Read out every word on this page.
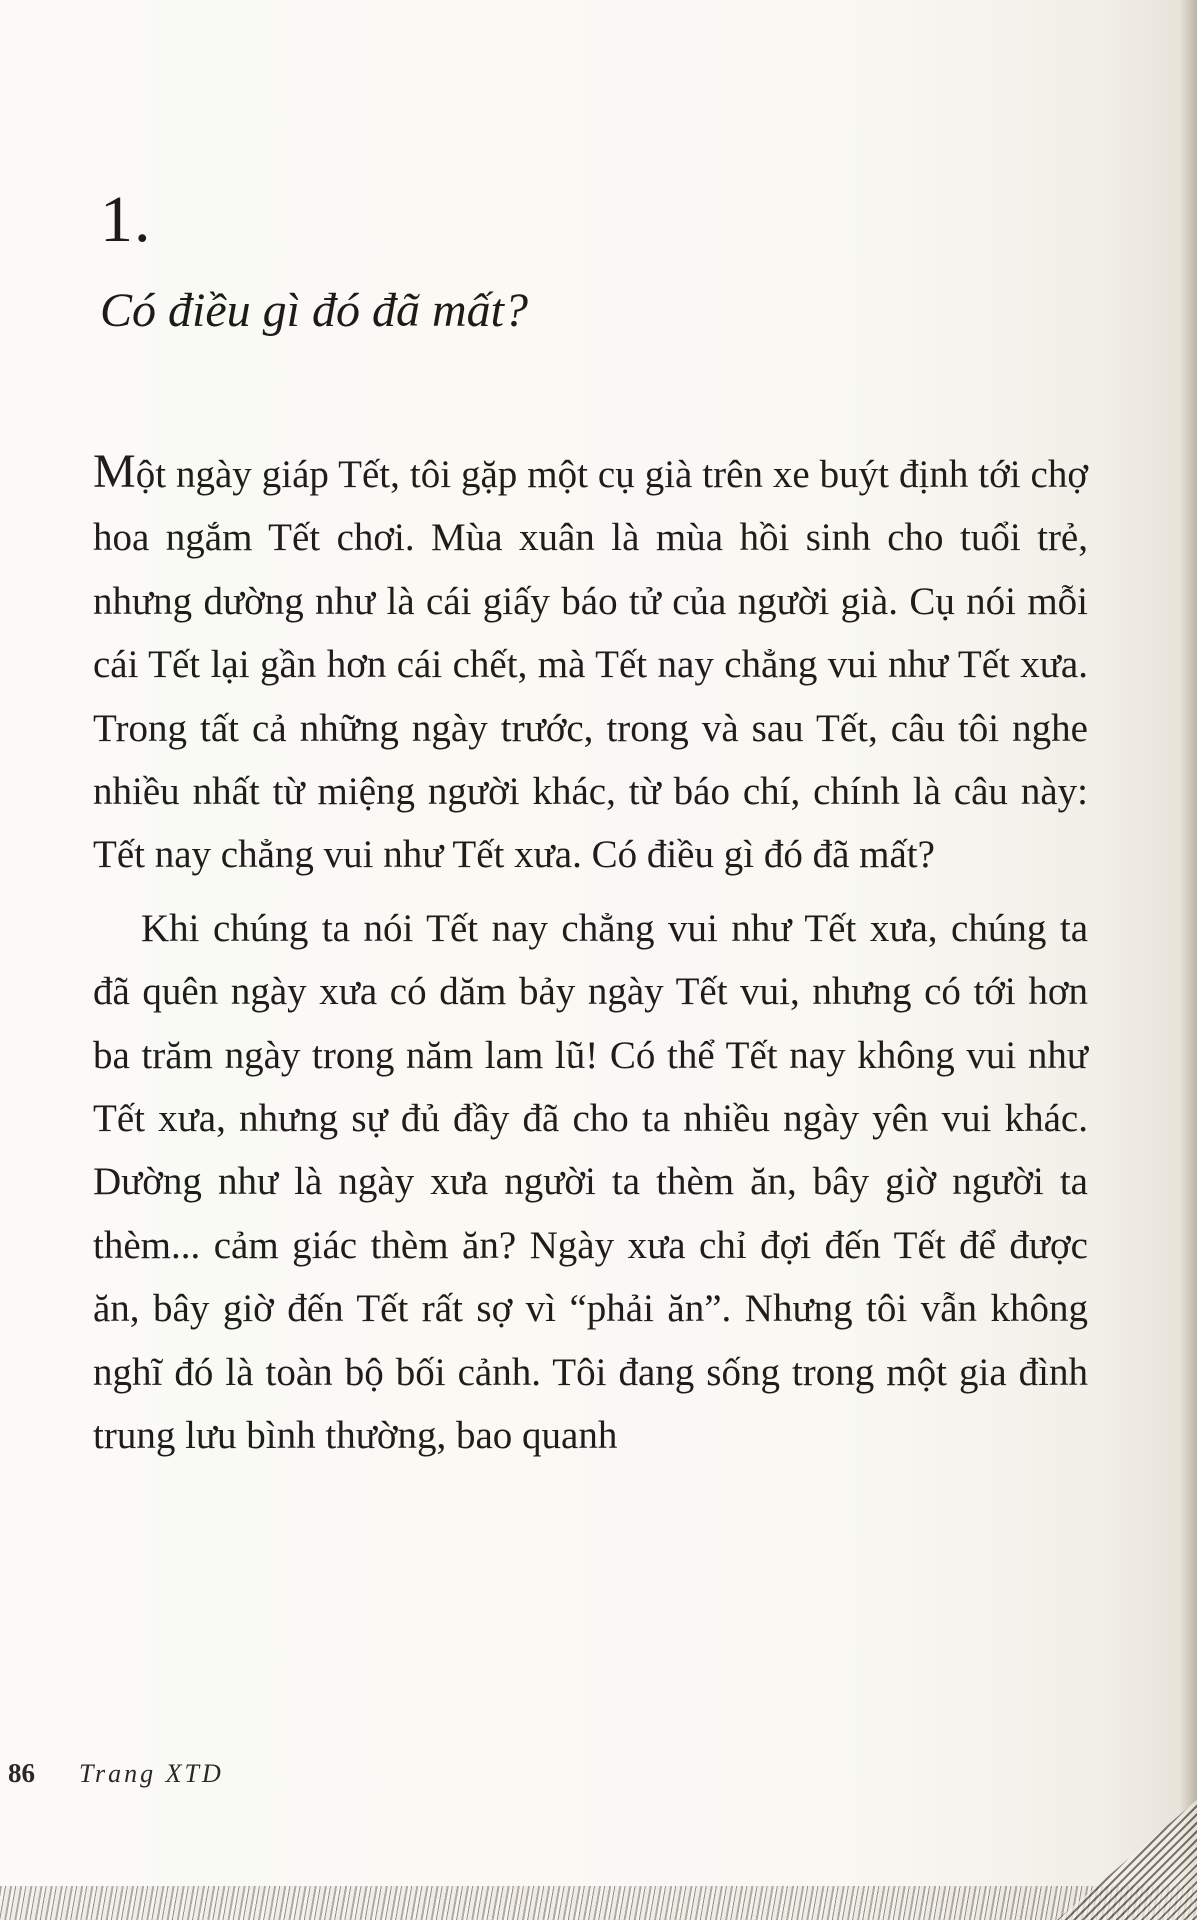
1.
Có điều gì đó đã mất?

Một ngày giáp Tết, tôi gặp một cụ già trên xe buýt định tới chợ hoa ngắm Tết chơi. Mùa xuân là mùa hồi sinh cho tuổi trẻ, nhưng dường như là cái giấy báo tử của người già. Cụ nói mỗi cái Tết lại gần hơn cái chết, mà Tết nay chẳng vui như Tết xưa. Trong tất cả những ngày trước, trong và sau Tết, câu tôi nghe nhiều nhất từ miệng người khác, từ báo chí, chính là câu này: Tết nay chẳng vui như Tết xưa. Có điều gì đó đã mất?

Khi chúng ta nói Tết nay chẳng vui như Tết xưa, chúng ta đã quên ngày xưa có dăm bảy ngày Tết vui, nhưng có tới hơn ba trăm ngày trong năm lam lũ! Có thể Tết nay không vui như Tết xưa, nhưng sự đủ đầy đã cho ta nhiều ngày yên vui khác. Dường như là ngày xưa người ta thèm ăn, bây giờ người ta thèm... cảm giác thèm ăn? Ngày xưa chỉ đợi đến Tết để được ăn, bây giờ đến Tết rất sợ vì “phải ăn”. Nhưng tôi vẫn không nghĩ đó là toàn bộ bối cảnh. Tôi đang sống trong một gia đình trung lưu bình thường, bao quanh

86 Trang XTD
